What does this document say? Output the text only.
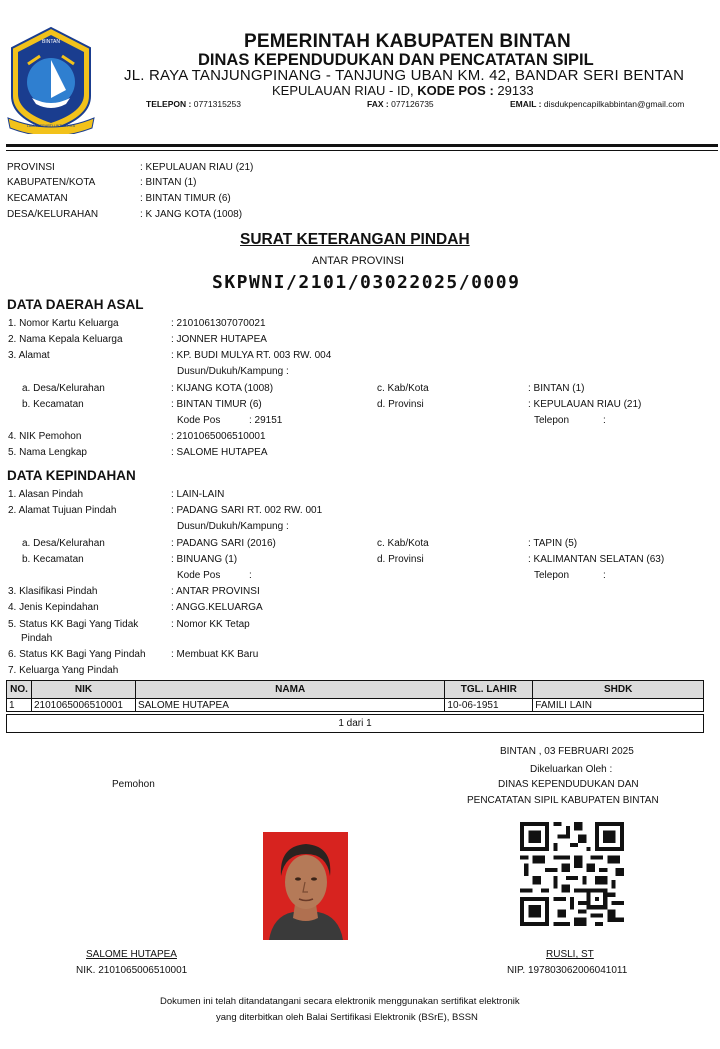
BINTAN
LAMA BERARTI UNTUK KITA
PEMERINTAH KABUPATEN BINTAN
DINAS KEPENDUDUKAN DAN PENCATATAN SIPIL
JL. RAYA TANJUNGPINANG - TANJUNG UBAN KM. 42, BANDAR SERI BENTAN
KEPULAUAN RIAU - ID, KODE POS : 29133
TELEPON : 0771315253	FAX : 077126735	EMAIL : disdukpencapilkabbintan@gmail.com
PROVINSI	: KEPULAUAN RIAU (21)
KABUPATEN/KOTA	: BINTAN (1)
KECAMATAN	: BINTAN TIMUR (6)
DESA/KELURAHAN	: K JANG KOTA (1008)
SURAT KETERANGAN PINDAH
ANTAR PROVINSI
SKPWNI/2101/03022025/0009
DATA DAERAH ASAL
1. Nomor Kartu Keluarga	: 2101061307070021
2. Nama Kepala Keluarga	: JONNER HUTAPEA
3. Alamat	: KP. BUDI MULYA RT. 003 RW. 004
Dusun/Dukuh/Kampung :
a. Desa/Kelurahan	: KIJANG KOTA (1008)	c. Kab/Kota	: BINTAN (1)
b. Kecamatan	: BINTAN TIMUR (6)	d. Provinsi	: KEPULAUAN RIAU (21)
Kode Pos	: 29151	Telepon	:
4. NIK Pemohon	: 2101065006510001
5. Nama Lengkap	: SALOME HUTAPEA
DATA KEPINDAHAN
1. Alasan Pindah	: LAIN-LAIN
2. Alamat Tujuan Pindah	: PADANG SARI RT. 002 RW. 001
Dusun/Dukuh/Kampung :
a. Desa/Kelurahan	: PADANG SARI (2016)	c. Kab/Kota	: TAPIN (5)
b. Kecamatan	: BINUANG (1)	d. Provinsi	: KALIMANTAN SELATAN (63)
Kode Pos	:	Telepon	:
3. Klasifikasi Pindah	: ANTAR PROVINSI
4. Jenis Kepindahan	: ANGG.KELUARGA
5. Status KK Bagi Yang Tidak
Pindah
: Nomor KK Tetap
6. Status KK Bagi Yang Pindah	: Membuat KK Baru
7. Keluarga Yang Pindah
NO.	NIK	NAMA	TGL. LAHIR	SHDK
1	2101065006510001	SALOME HUTAPEA	10-06-1951	FAMILI LAIN
1 dari 1
BINTAN , 03 FEBRUARI 2025
Dikeluarkan Oleh :
DINAS KEPENDUDUKAN DAN
PENCATATAN SIPIL KABUPATEN BINTAN
Pemohon
SALOME HUTAPEA
NIK. 2101065006510001
RUSLI, ST
NIP. 197803062006041011
Dokumen ini telah ditandatangani secara elektronik menggunakan sertifikat elektronik
yang diterbitkan oleh Balai Sertifikasi Elektronik (BSrE), BSSN
